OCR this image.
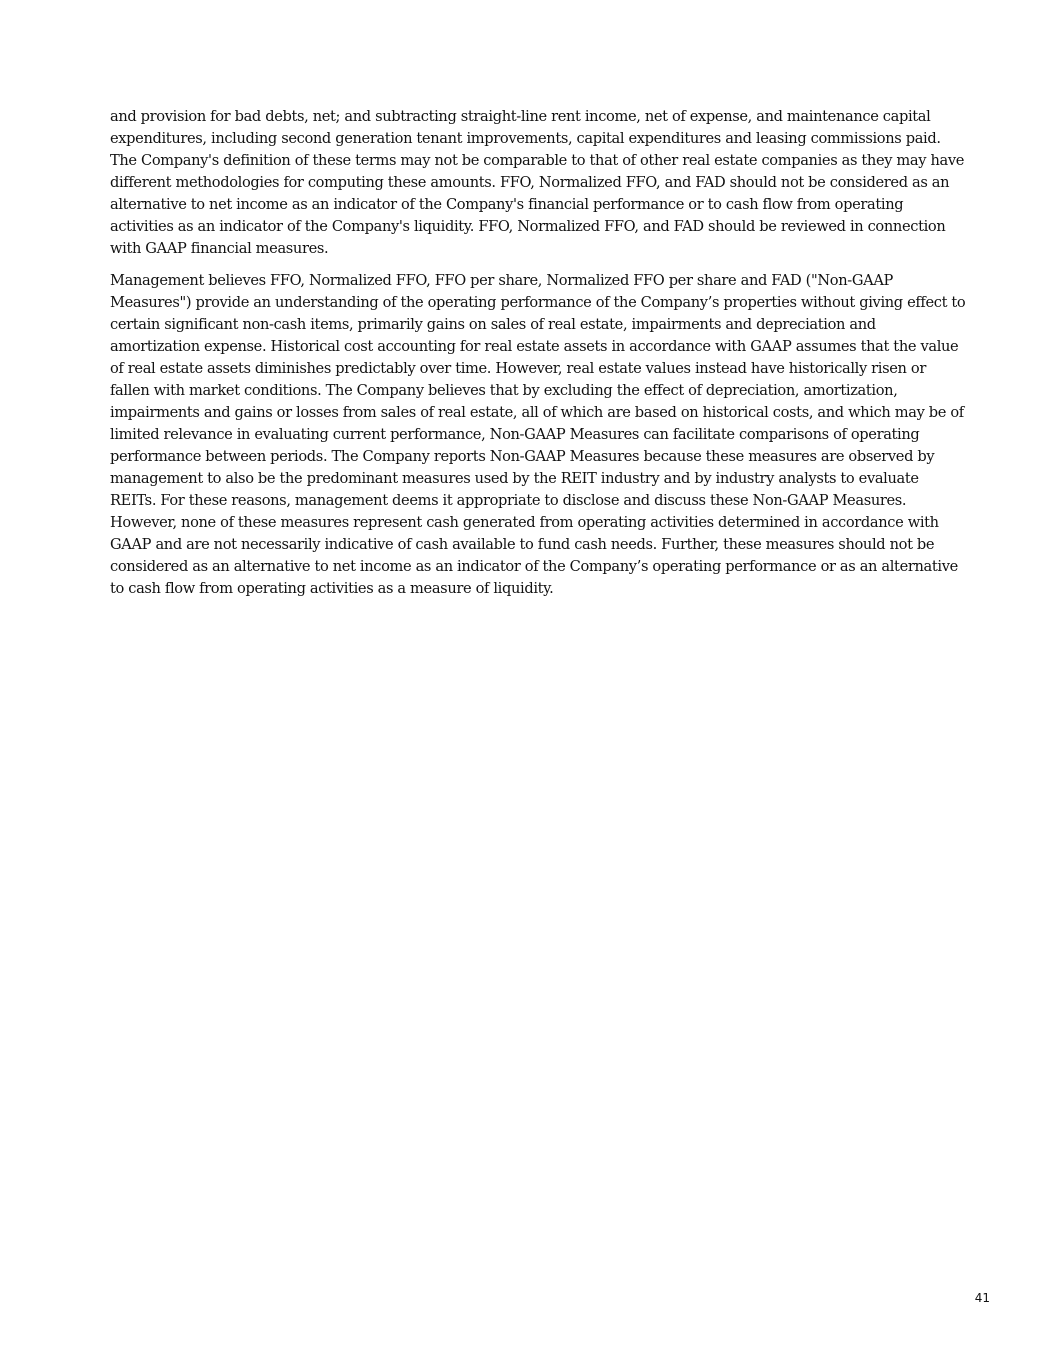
and provision for bad debts, net; and subtracting straight-line rent income, net of expense, and maintenance capital expenditures, including second generation tenant improvements, capital expenditures and leasing commissions paid. The Company's definition of these terms may not be comparable to that of other real estate companies as they may have different methodologies for computing these amounts. FFO, Normalized FFO, and FAD should not be considered as an alternative to net income as an indicator of the Company's financial performance or to cash flow from operating activities as an indicator of the Company's liquidity. FFO, Normalized FFO, and FAD should be reviewed in connection with GAAP financial measures.

Management believes FFO, Normalized FFO, FFO per share, Normalized FFO per share and FAD ("Non-GAAP Measures") provide an understanding of the operating performance of the Company’s properties without giving effect to certain significant non-cash items, primarily gains on sales of real estate, impairments and depreciation and amortization expense. Historical cost accounting for real estate assets in accordance with GAAP assumes that the value of real estate assets diminishes predictably over time. However, real estate values instead have historically risen or fallen with market conditions. The Company believes that by excluding the effect of depreciation, amortization, impairments and gains or losses from sales of real estate, all of which are based on historical costs, and which may be of limited relevance in evaluating current performance, Non-GAAP Measures can facilitate comparisons of operating performance between periods. The Company reports Non-GAAP Measures because these measures are observed by management to also be the predominant measures used by the REIT industry and by industry analysts to evaluate REITs. For these reasons, management deems it appropriate to disclose and discuss these Non-GAAP Measures. However, none of these measures represent cash generated from operating activities determined in accordance with GAAP and are not necessarily indicative of cash available to fund cash needs. Further, these measures should not be considered as an alternative to net income as an indicator of the Company’s operating performance or as an alternative to cash flow from operating activities as a measure of liquidity.

41
